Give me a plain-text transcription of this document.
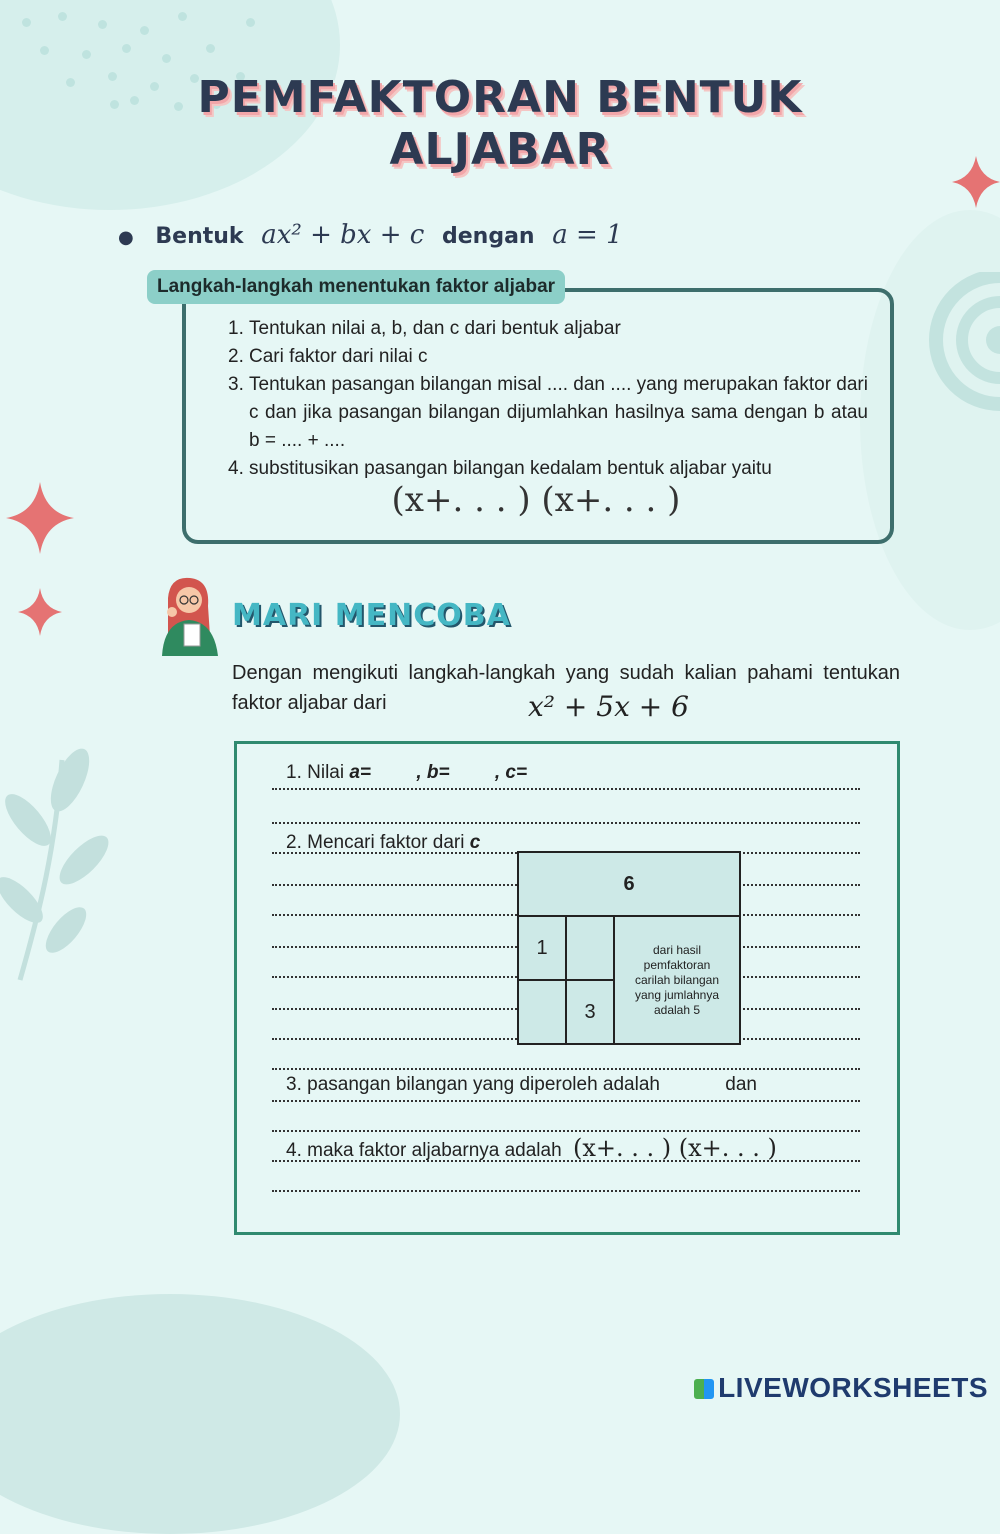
PEMFAKTORAN BENTUK
ALJABAR
● Bentuk ax² + bx + c dengan a = 1
Langkah-langkah menentukan faktor aljabar
1. Tentukan nilai a, b, dan c dari bentuk aljabar
2. Cari faktor dari nilai c
3. Tentukan pasangan bilangan misal .... dan .... yang merupakan faktor dari c dan jika pasangan bilangan dijumlahkan hasilnya sama dengan b atau b = .... + ....
4. substitusikan pasangan bilangan kedalam bentuk aljabar yaitu
(x+. . . ) (x+. . . )
MARI MENCOBA
Dengan mengikuti langkah-langkah yang sudah kalian pahami tentukan faktor aljabar dari	x² + 5x + 6
1. Nilai a= , b= , c=
2. Mencari faktor dari c
6
1
3
dari hasil pemfaktoran carilah bilangan yang jumlahnya adalah 5
3. pasangan bilangan yang diperoleh adalah	dan
4. maka faktor aljabarnya adalah (x+. . . ) (x+. . . )
LIVEWORKSHEETS
